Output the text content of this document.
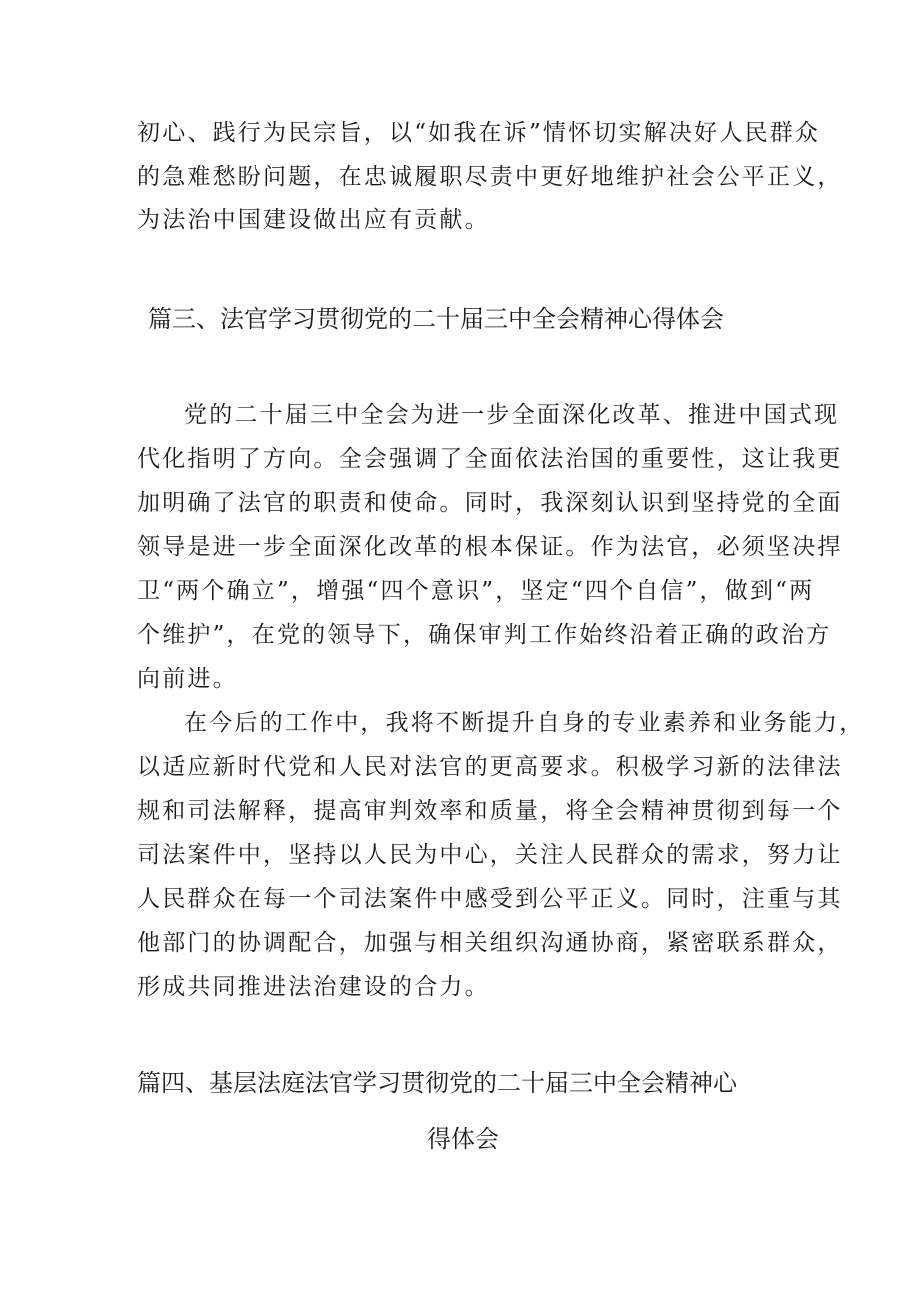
初心、践行为民宗旨，以“如我在诉”情怀切实解决好人民群众

的急难愁盼问题，在忠诚履职尽责中更好地维护社会公平正义，

为法治中国建设做出应有贡献。

篇三、法官学习贯彻党的二十届三中全会精神心得体会

党的二十届三中全会为进一步全面深化改革、推进中国式现

代化指明了方向。全会强调了全面依法治国的重要性，这让我更

加明确了法官的职责和使命。同时，我深刻认识到坚持党的全面

领导是进一步全面深化改革的根本保证。作为法官，必须坚决捍

卫“两个确立”，增强“四个意识”，坚定“四个自信”，做到“两

个维护”，在党的领导下，确保审判工作始终沿着正确的政治方

向前进。

在今后的工作中，我将不断提升自身的专业素养和业务能力，

以适应新时代党和人民对法官的更高要求。积极学习新的法律法

规和司法解释，提高审判效率和质量，将全会精神贯彻到每一个

司法案件中，坚持以人民为中心，关注人民群众的需求，努力让

人民群众在每一个司法案件中感受到公平正义。同时，注重与其

他部门的协调配合，加强与相关组织沟通协商，紧密联系群众，

形成共同推进法治建设的合力。

篇四、基层法庭法官学习贯彻党的二十届三中全会精神心
得体会
